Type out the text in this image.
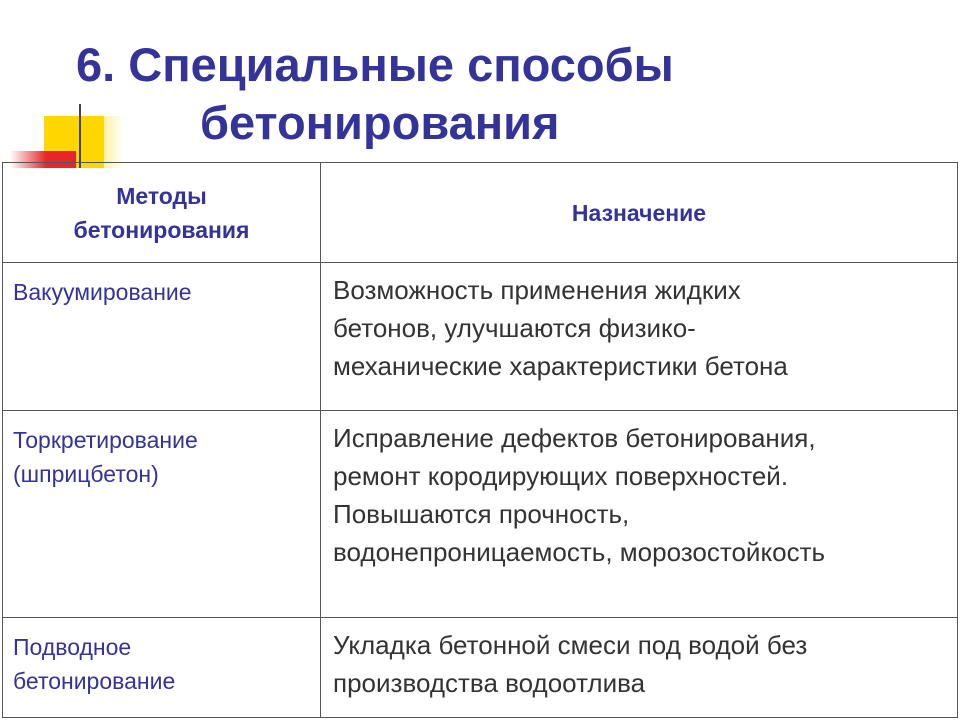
6. Специальные способы
бетонирования
Методы
бетонирования	Назначение

Вакуумирование	Возможность применения жидких
бетонов, улучшаются физико-
механические характеристики бетона

Торкретирование
(шприцбетон)	Исправление дефектов бетонирования,
ремонт кородирующих поверхностей.
Повышаются прочность,
водонепроницаемость, морозостойкость

Подводное
бетонирование	Укладка бетонной смеси под водой без
производства водоотлива
